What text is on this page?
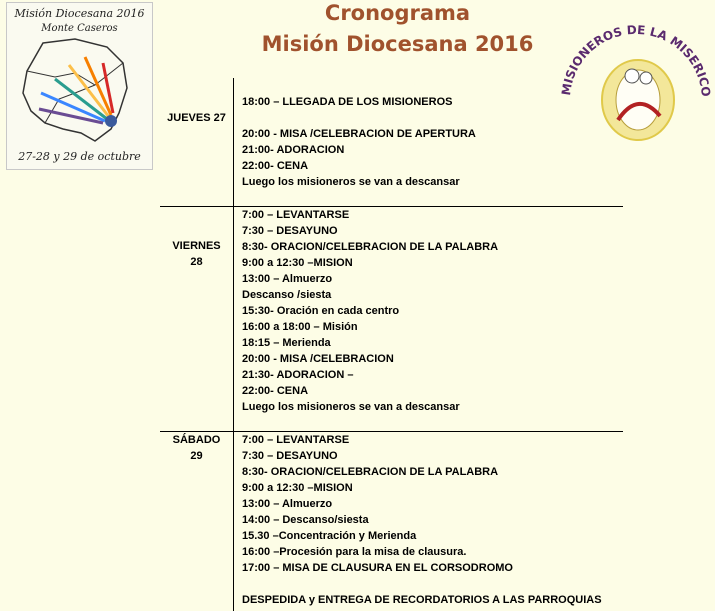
Cronograma
Misión Diocesana 2016
Misión Diocesana 2016
Monte Caseros
27-28 y 29 de octubre
MISIONEROS DE LA MISERICO
JUEVES 27
18:00 – LLEGADA DE LOS MISIONEROS
20:00 - MISA /CELEBRACION DE APERTURA
21:00- ADORACION
22:00- CENA
Luego los misioneros se van a descansar
VIERNES
28
7:00 – LEVANTARSE
7:30 – DESAYUNO
8:30- ORACION/CELEBRACION DE LA PALABRA
9:00 a 12:30 –MISION
13:00 – Almuerzo
Descanso /siesta
15:30- Oración en cada centro
16:00 a 18:00 – Misión
18:15 – Merienda
20:00 - MISA /CELEBRACION
21:30- ADORACION –
22:00- CENA
Luego los misioneros se van a descansar
SÁBADO
29
7:00 – LEVANTARSE
7:30 – DESAYUNO
8:30- ORACION/CELEBRACION DE LA PALABRA
9:00 a 12:30 –MISION
13:00 – Almuerzo
14:00 – Descanso/siesta
15.30 –Concentración y Merienda
16:00 –Procesión para la misa de clausura.
17:00 – MISA DE CLAUSURA EN EL CORSODROMO
DESPEDIDA y ENTREGA DE RECORDATORIOS A LAS PARROQUIAS
